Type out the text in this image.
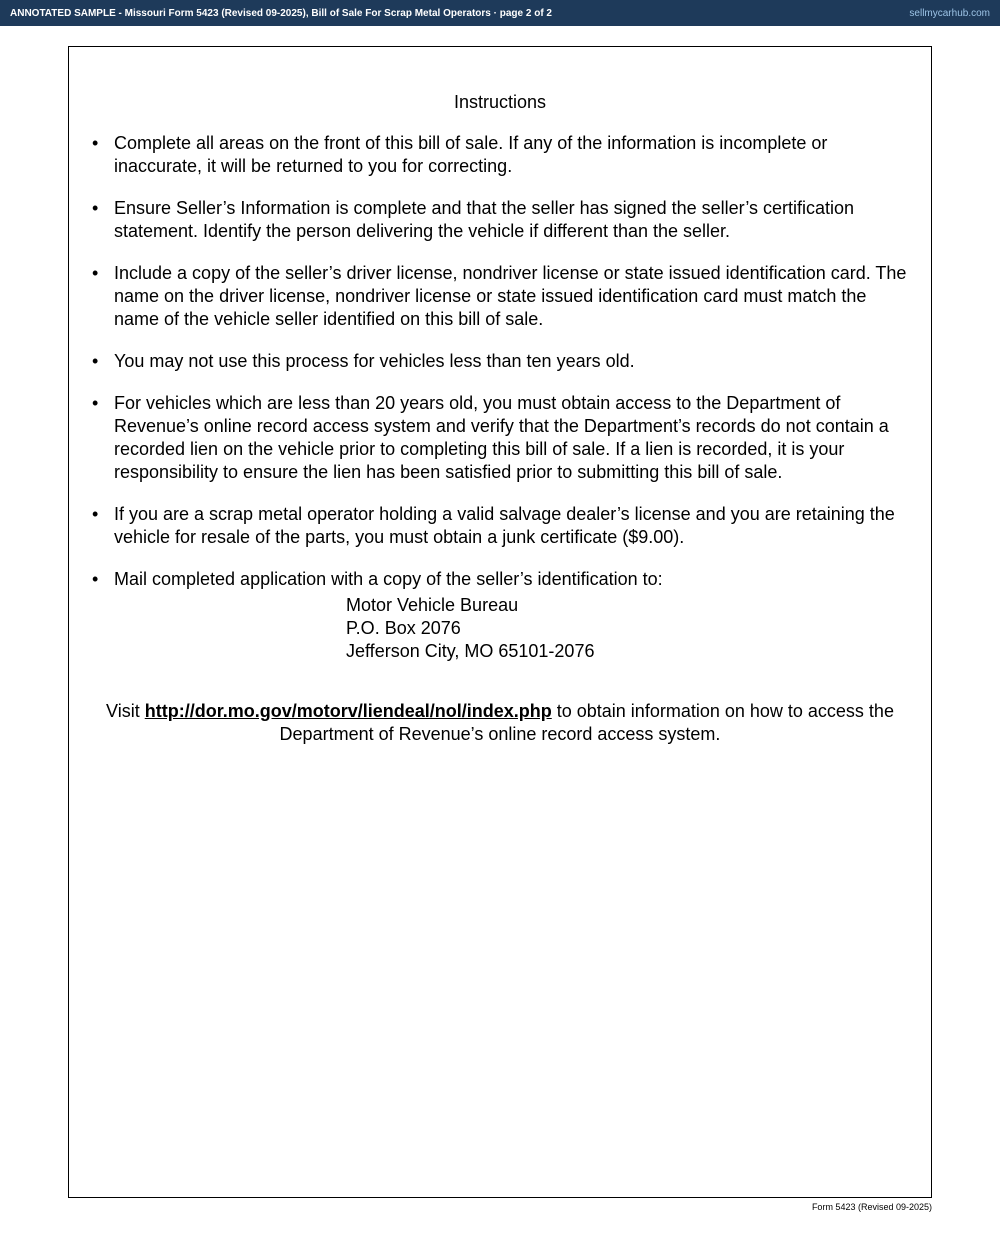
ANNOTATED SAMPLE - Missouri Form 5423 (Revised 09-2025), Bill of Sale For Scrap Metal Operators · page 2 of 2	sellmycarhub.com
Instructions
• Complete all areas on the front of this bill of sale. If any of the information is incomplete or inaccurate, it will be returned to you for correcting.
• Ensure Seller’s Information is complete and that the seller has signed the seller’s certification statement. Identify the person delivering the vehicle if different than the seller.
• Include a copy of the seller’s driver license, nondriver license or state issued identification card. The name on the driver license, nondriver license or state issued identification card must match the name of the vehicle seller identified on this bill of sale.
• You may not use this process for vehicles less than ten years old.
• For vehicles which are less than 20 years old, you must obtain access to the Department of Revenue’s online record access system and verify that the Department’s records do not contain a recorded lien on the vehicle prior to completing this bill of sale. If a lien is recorded, it is your responsibility to ensure the lien has been satisfied prior to submitting this bill of sale.
• If you are a scrap metal operator holding a valid salvage dealer’s license and you are retaining the vehicle for resale of the parts, you must obtain a junk certificate ($9.00).
• Mail completed application with a copy of the seller’s identification to:
Motor Vehicle Bureau
P.O. Box 2076
Jefferson City, MO 65101-2076
Visit http://dor.mo.gov/motorv/liendeal/nol/index.php to obtain information on how to access the Department of Revenue’s online record access system.
Form 5423 (Revised 09-2025)
